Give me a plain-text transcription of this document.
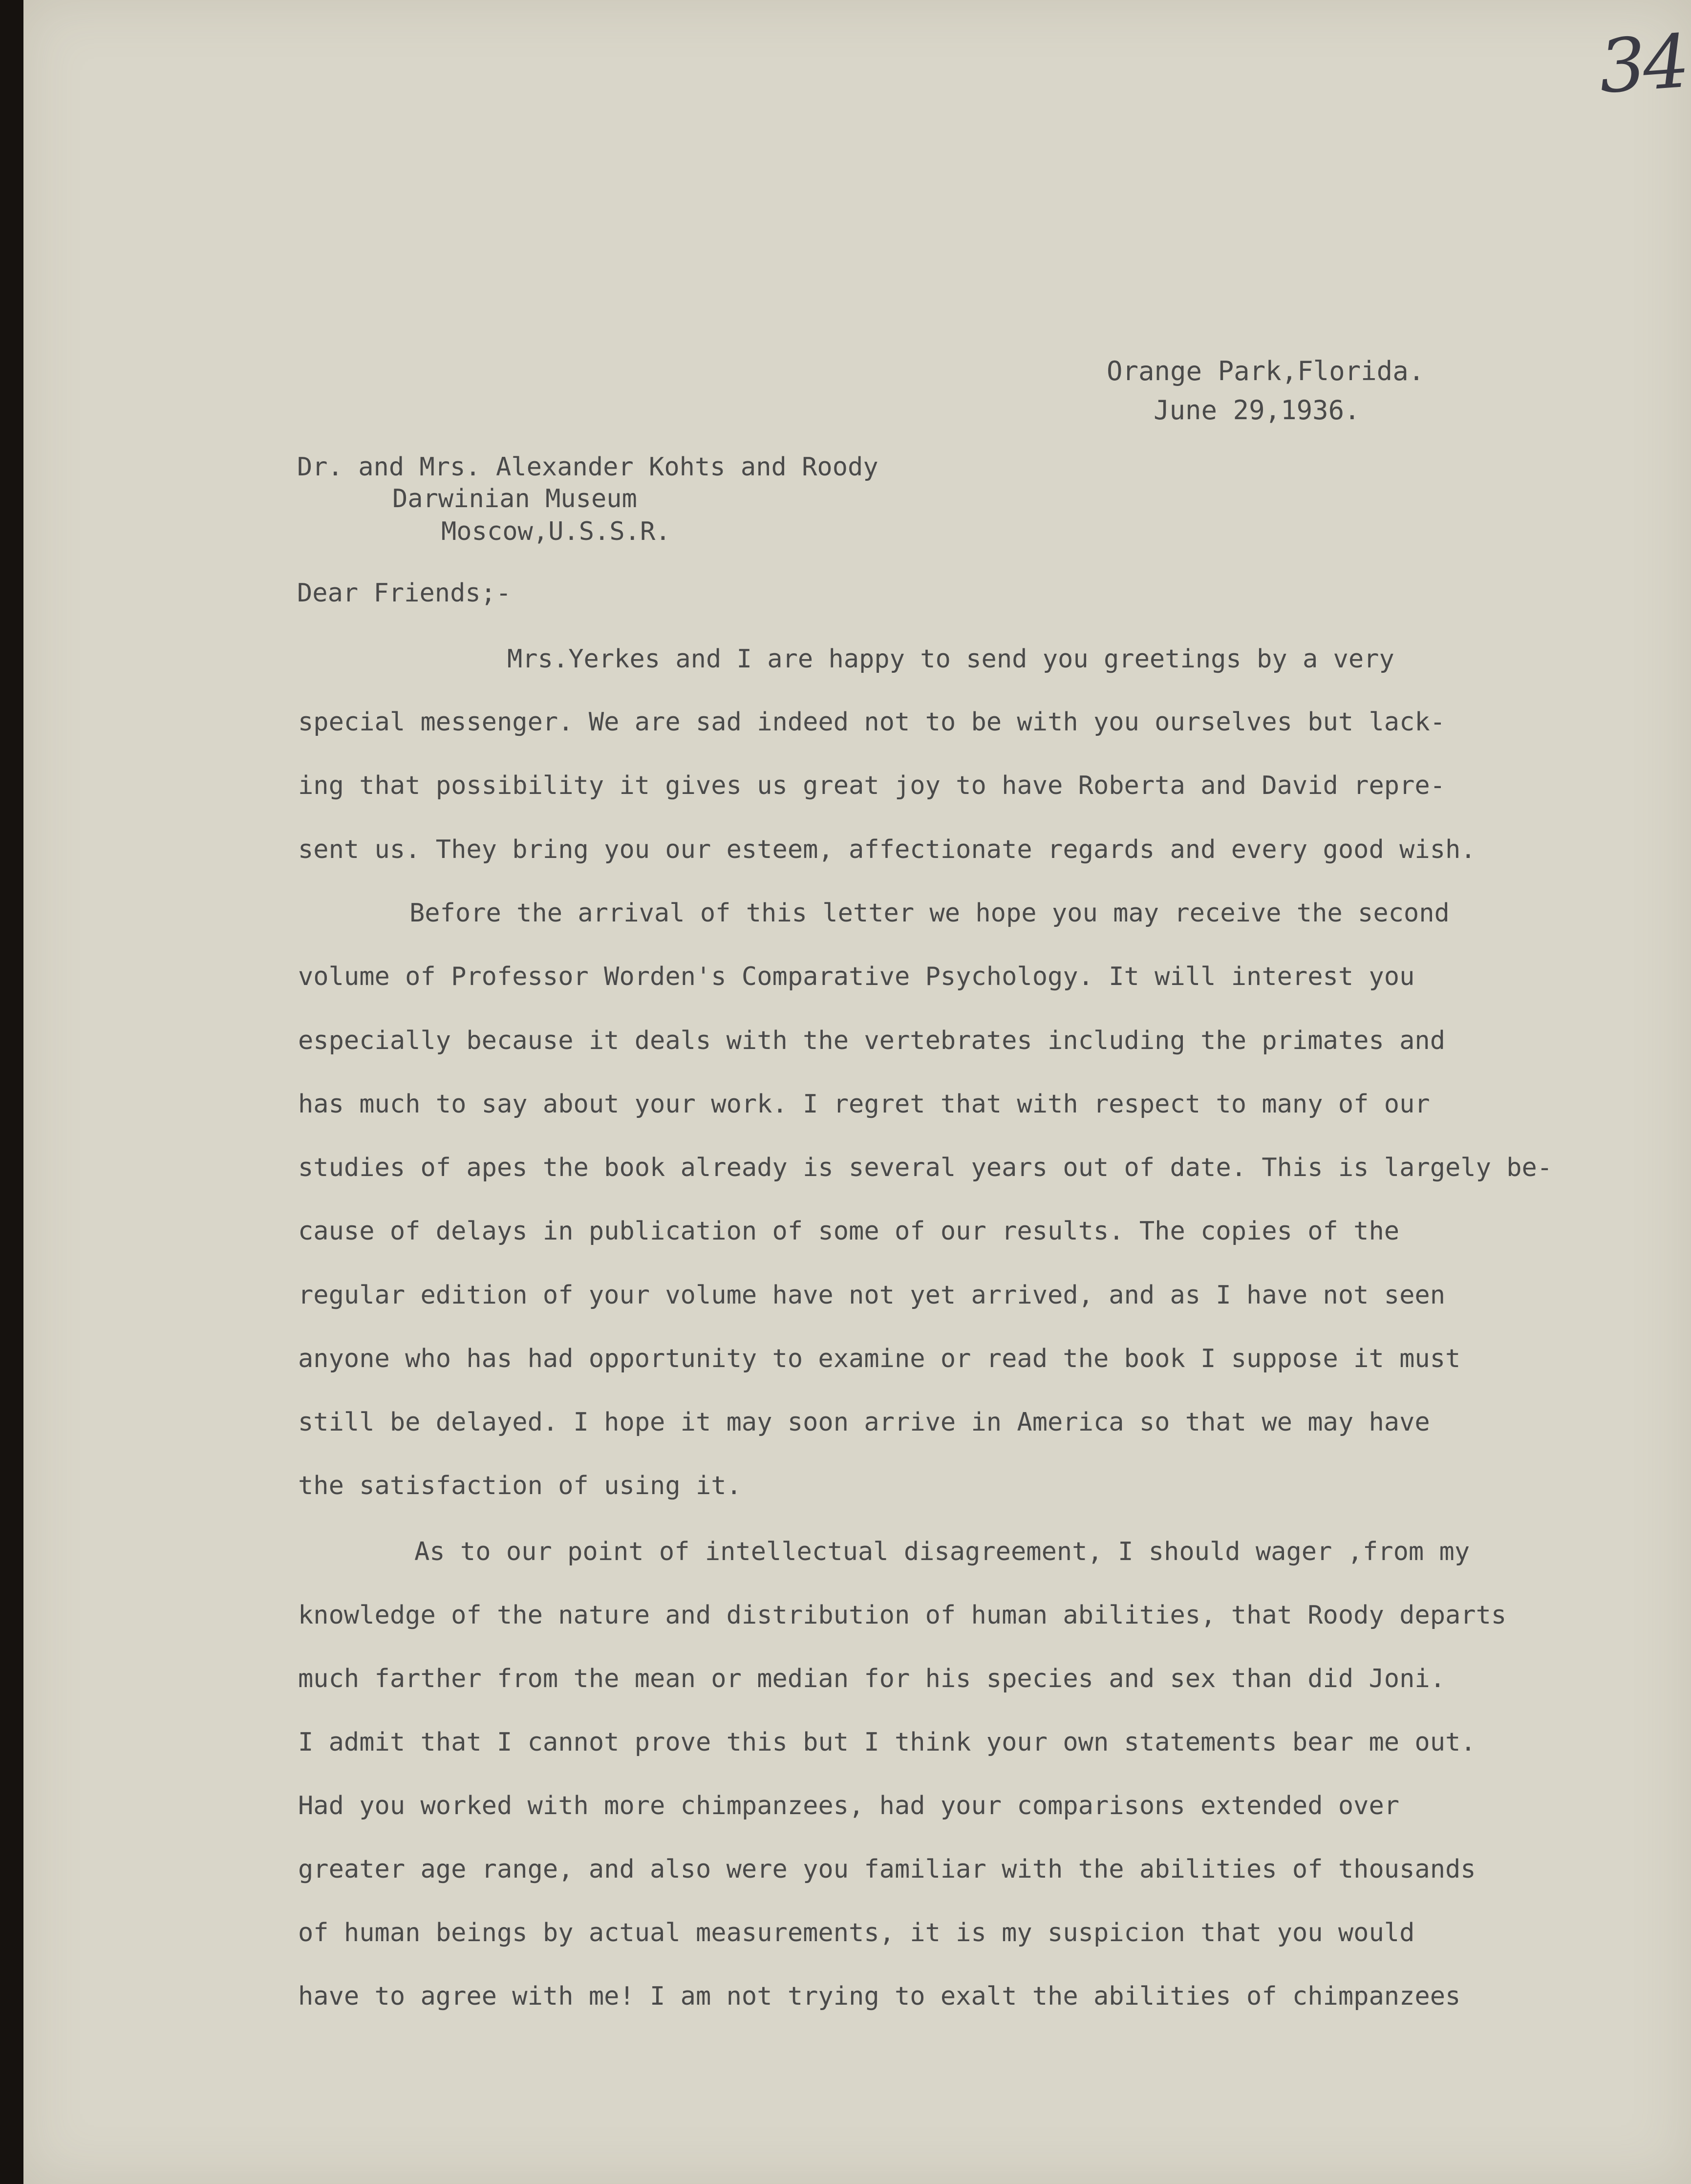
34

Orange Park,Florida.

June 29,1936.

Dr. and Mrs. Alexander Kohts and Roody

Darwinian Museum

Moscow,U.S.S.R.

Dear Friends;-

Mrs.Yerkes and I are happy to send you greetings by a very

special messenger. We are sad indeed not to be with you ourselves but lack-

ing that possibility it gives us great joy to have Roberta and David repre-

sent us. They bring you our esteem, affectionate regards and every good wish.

Before the arrival of this letter we hope you may receive the second

volume of Professor Worden's Comparative Psychology. It will interest you

especially because it deals with the vertebrates including the primates and

has much to say about your work. I regret that with respect to many of our

studies of apes the book already is several years out of date. This is largely be-

cause of delays in publication of some of our results. The copies of the

regular edition of your volume have not yet arrived, and as I have not seen

anyone who has had opportunity to examine or read the book I suppose it must

still be delayed. I hope it may soon arrive in America so that we may have

the satisfaction of using it.

As to our point of intellectual disagreement, I should wager ,from my

knowledge of the nature and distribution of human abilities, that Roody departs

much farther from the mean or median for his species and sex than did Joni.

I admit that I cannot prove this but I think your own statements bear me out.

Had you worked with more chimpanzees, had your comparisons extended over

greater age range, and also were you familiar with the abilities of thousands

of human beings by actual measurements, it is my suspicion that you would

have to agree with me! I am not trying to exalt the abilities of chimpanzees
